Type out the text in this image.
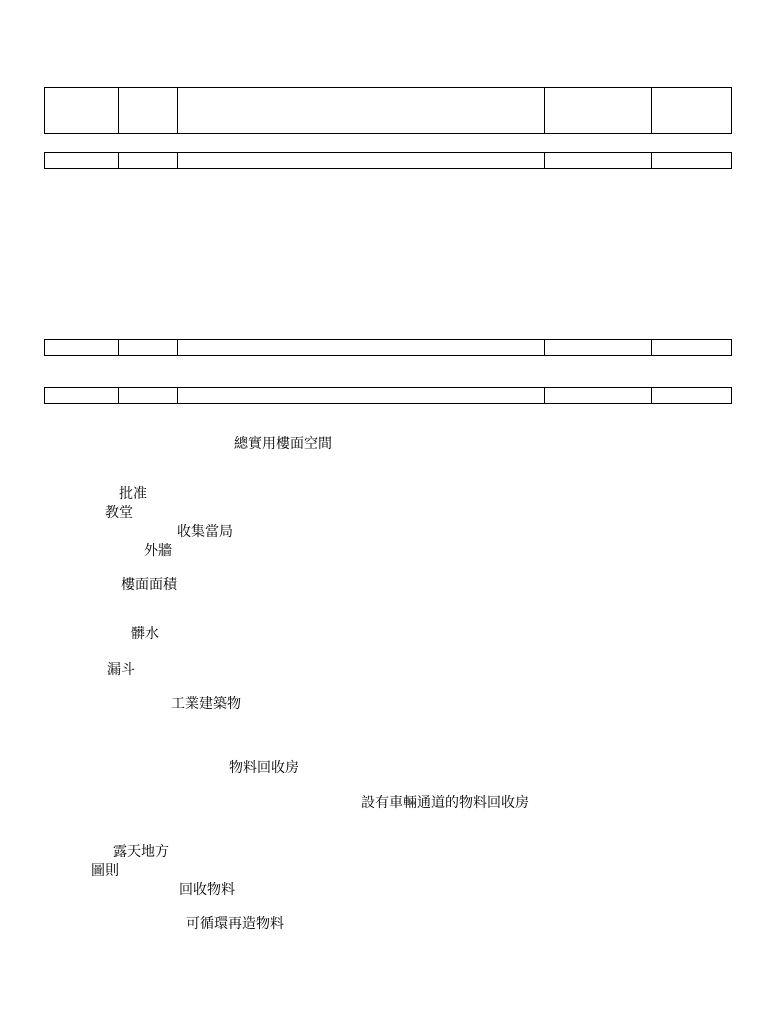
總實用樓面空間
批准
教堂
收集當局
外牆
樓面面積
髒水
漏斗
工業建築物
物料回收房
設有車輛通道的物料回收房
露天地方
圖則
回收物料
可循環再造物料
